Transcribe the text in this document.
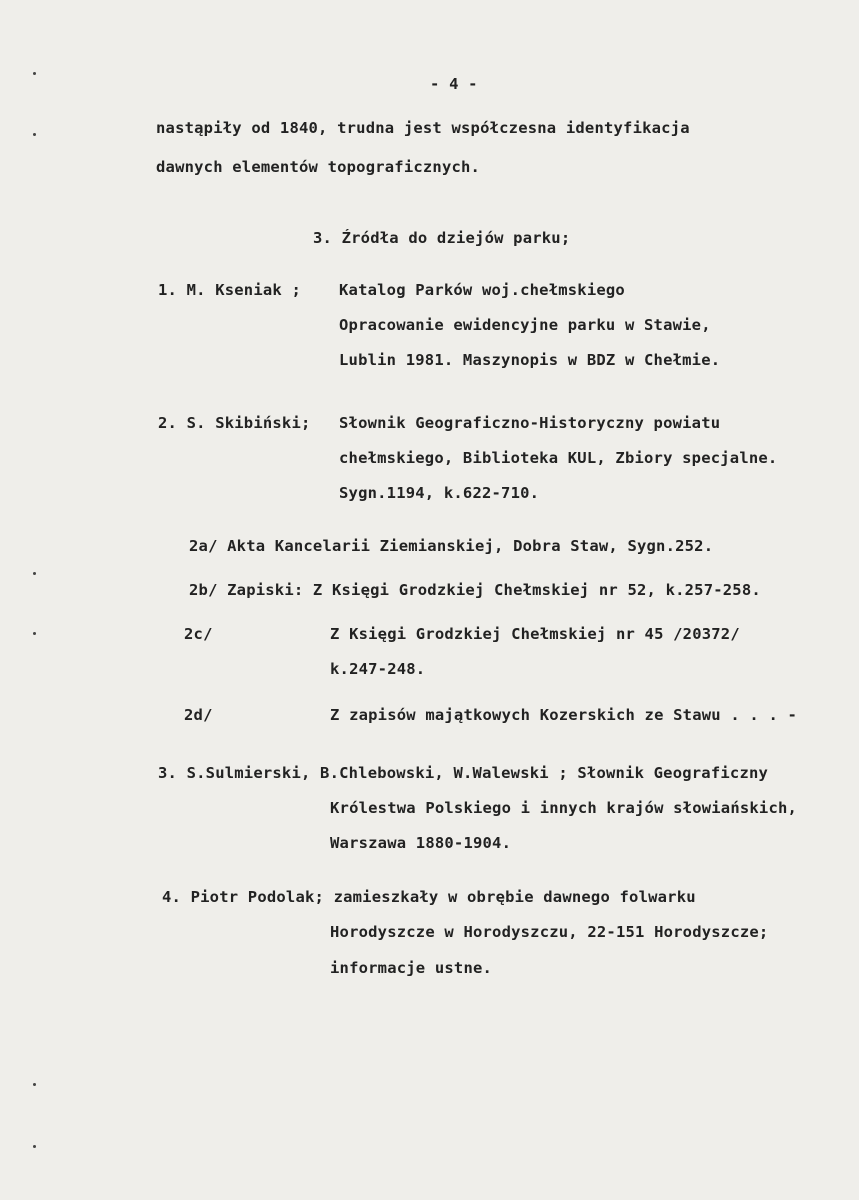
- 4 -
nastąpiły od 1840, trudna jest współczesna identyfikacja
dawnych elementów topograficznych.
3. Źródła do dziejów parku;
1. M. Kseniak ; Katalog Parków woj.chełmskiego
Opracowanie ewidencyjne parku w Stawie,
Lublin 1981. Maszynopis w BDZ w Chełmie.
2. S. Skibiński; Słownik Geograficzno-Historyczny powiatu
chełmskiego, Biblioteka KUL, Zbiory specjalne.
Sygn.1194, k.622-710.
2a/ Akta Kancelarii Ziemianskiej, Dobra Staw, Sygn.252.
2b/ Zapiski: Z Księgi Grodzkiej Chełmskiej nr 52, k.257-258.
2c/	Z Księgi Grodzkiej Chełmskiej nr 45 /20372/
k.247-248.
2d/	Z zapisów majątkowych Kozerskich ze Stawu . . . -
3. S.Sulmierski, B.Chlebowski, W.Walewski ; Słownik Geograficzny
Królestwa Polskiego i innych krajów słowiańskich,
Warszawa 1880-1904.
4. Piotr Podolak; zamieszkały w obrębie dawnego folwarku
Horodyszcze w Horodyszczu, 22-151 Horodyszcze;
informacje ustne.
